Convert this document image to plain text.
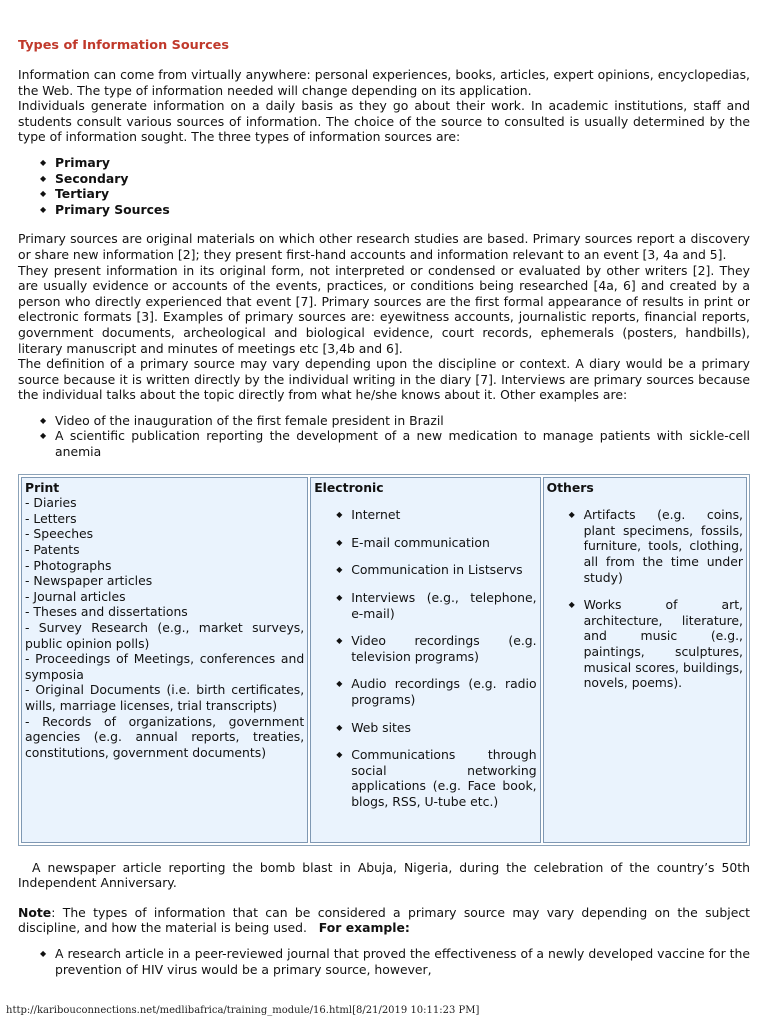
Types of Information Sources

Information can come from virtually anywhere: personal experiences, books, articles, expert opinions, encyclopedias, the Web. The type of information needed will change depending on its application.

Individuals generate information on a daily basis as they go about their work. In academic institutions, staff and students consult various sources of information. The choice of the source to consulted is usually determined by the type of information sought. The three types of information sources are:

◆ Primary
◆ Secondary
◆ Tertiary
◆ Primary Sources

Primary sources are original materials on which other research studies are based. Primary sources report a discovery or share new information [2]; they present first-hand accounts and information relevant to an event [3, 4a and 5].

They present information in its original form, not interpreted or condensed or evaluated by other writers [2]. They are usually evidence or accounts of the events, practices, or conditions being researched [4a, 6] and created by a person who directly experienced that event [7]. Primary sources are the first formal appearance of results in print or electronic formats [3]. Examples of primary sources are: eyewitness accounts, journalistic reports, financial reports, government documents, archeological and biological evidence, court records, ephemerals (posters, handbills), literary manuscript and minutes of meetings etc [3,4b and 6].

The definition of a primary source may vary depending upon the discipline or context. A diary would be a primary source because it is written directly by the individual writing in the diary [7]. Interviews are primary sources because the individual talks about the topic directly from what he/she knows about it. Other examples are:

◆ Video of the inauguration of the first female president in Brazil
◆ A scientific publication reporting the development of a new medication to manage patients with sickle-cell anemia
Print
- Diaries
- Letters
- Speeches
- Patents
- Photographs
- Newspaper articles
- Journal articles
- Theses and dissertations
- Survey Research (e.g., market surveys, public opinion polls)
- Proceedings of Meetings, conferences and symposia
- Original Documents (i.e. birth certificates, wills, marriage licenses, trial transcripts)
- Records of organizations, government agencies (e.g. annual reports, treaties, constitutions, government documents)

Electronic
◆ Internet
◆ E-mail communication
◆ Communication in Listservs
◆ Interviews (e.g., telephone, e-mail)
◆ Video recordings (e.g. television programs)
◆ Audio recordings (e.g. radio programs)
◆ Web sites
◆ Communications through social networking applications (e.g. Face book, blogs, RSS, U-tube etc.)

Others
◆ Artifacts (e.g. coins, plant specimens, fossils, furniture, tools, clothing, all from the time under study)
◆ Works of art, architecture, literature, and music (e.g., paintings, sculptures, musical scores, buildings, novels, poems).

A newspaper article reporting the bomb blast in Abuja, Nigeria, during the celebration of the country’s 50th Independent Anniversary.

Note: The types of information that can be considered a primary source may vary depending on the subject discipline, and how the material is being used.   For example:

◆ A research article in a peer-reviewed journal that proved the effectiveness of a newly developed vaccine for the prevention of HIV virus would be a primary source, however,
http://karibouconnections.net/medlibafrica/training_module/16.html[8/21/2019 10:11:23 PM]
